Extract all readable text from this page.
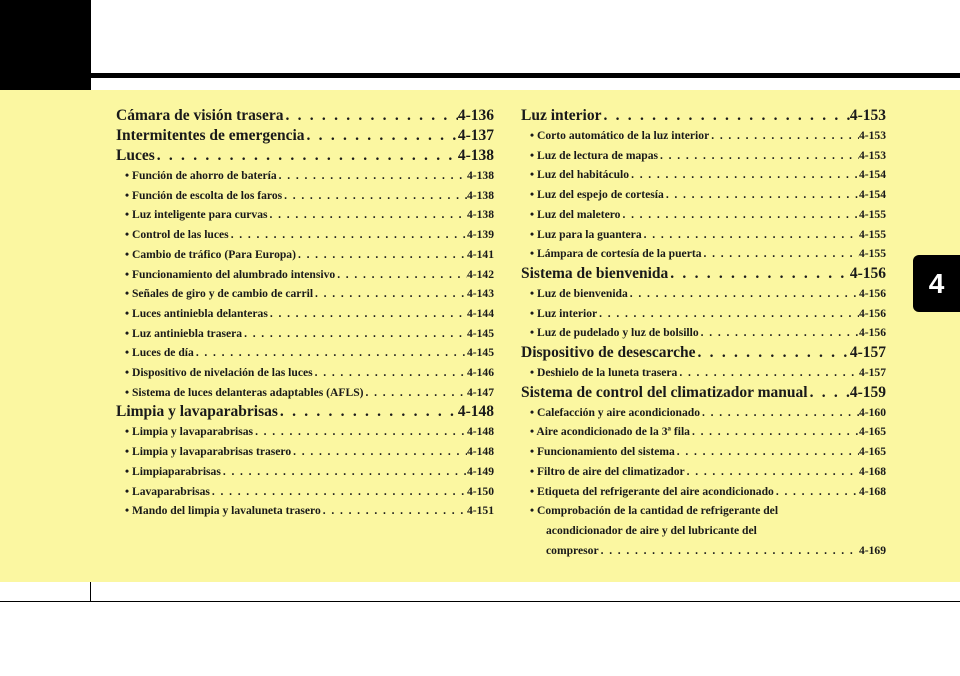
Cámara de visión trasera . . .	4-136
Intermitentes de emergencia . . .	4-137
Luces . . .	4-138
• Función de ahorro de batería . . .	4-138
• Función de escolta de los faros . . .	4-138
• Luz inteligente para curvas . . .	4-138
• Control de las luces . . .	4-139
• Cambio de tráfico (Para Europa) . . .	4-141
• Funcionamiento del alumbrado intensivo . . .	4-142
• Señales de giro y de cambio de carril . . .	4-143
• Luces antiniebla delanteras . . .	4-144
• Luz antiniebla trasera . . .	4-145
• Luces de día . . .	4-145
• Dispositivo de nivelación de las luces . . .	4-146
• Sistema de luces delanteras adaptables (AFLS) . . .	4-147
Limpia y lavaparabrisas . . .	4-148
• Limpia y lavaparabrisas . . .	4-148
• Limpia y lavaparabrisas trasero . . .	4-148
• Limpiaparabrisas . . .	4-149
• Lavaparabrisas . . .	4-150
• Mando del limpia y lavaluneta trasero . . .	4-151
Luz interior . . .	4-153
• Corto automático de la luz interior . . .	4-153
• Luz de lectura de mapas . . .	4-153
• Luz del habitáculo . . .	4-154
• Luz del espejo de cortesía . . .	4-154
• Luz del maletero . . .	4-155
• Luz para la guantera . . .	4-155
• Lámpara de cortesía de la puerta . . .	4-155
Sistema de bienvenida . . .	4-156
• Luz de bienvenida . . .	4-156
• Luz interior . . .	4-156
• Luz de pudelado y luz de bolsillo . . .	4-156
Dispositivo de desescarche . . .	4-157
• Deshielo de la luneta trasera . . .	4-157
Sistema de control del climatizador manual . . .	4-159
• Calefacción y aire acondicionado . . .	4-160
• Aire acondicionado de la 3ª fila . . .	4-165
• Funcionamiento del sistema . . .	4-165
• Filtro de aire del climatizador . . .	4-168
• Etiqueta del refrigerante del aire acondicionado . . .	4-168
• Comprobación de la cantidad de refrigerante del
acondicionador de aire y del lubricante del
compresor . . .	4-169
4
